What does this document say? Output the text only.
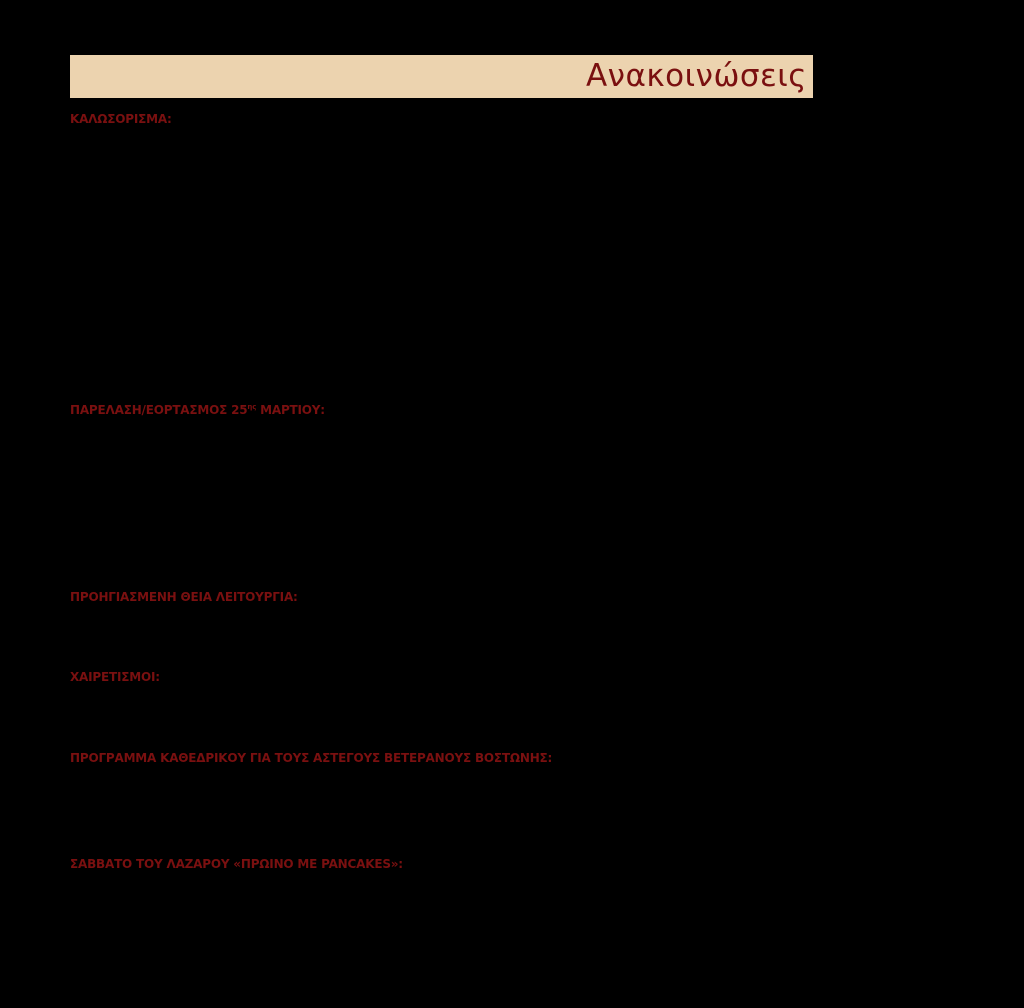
Ανακοινώσεις
ΚΑΛΩΣΟΡΙΣΜΑ:
ΠΑΡΕΛΑΣΗ/ΕΟΡΤΑΣΜΟΣ $25^{\eta\varsigma}$ ΜΑΡΤΙΟΥ:
ΠΡΟΗΓΙΑΣΜΕΝΗ ΘΕΙΑ ΛΕΙΤΟΥΡΓΙΑ:
ΧΑΙΡΕΤΙΣΜΟΙ:
ΠΡΟΓΡΑΜΜΑ ΚΑΘΕΔΡΙΚΟΥ ΓΙΑ ΤΟΥΣ ΑΣΤΕΓΟΥΣ ΒΕΤΕΡΑΝΟΥΣ ΒΟΣΤΩΝΗΣ:
ΣΑΒΒΑΤΟ ΤΟΥ ΛΑΖΑΡΟΥ «ΠΡΩΙΝΟ ΜΕ PANCAKES»:
